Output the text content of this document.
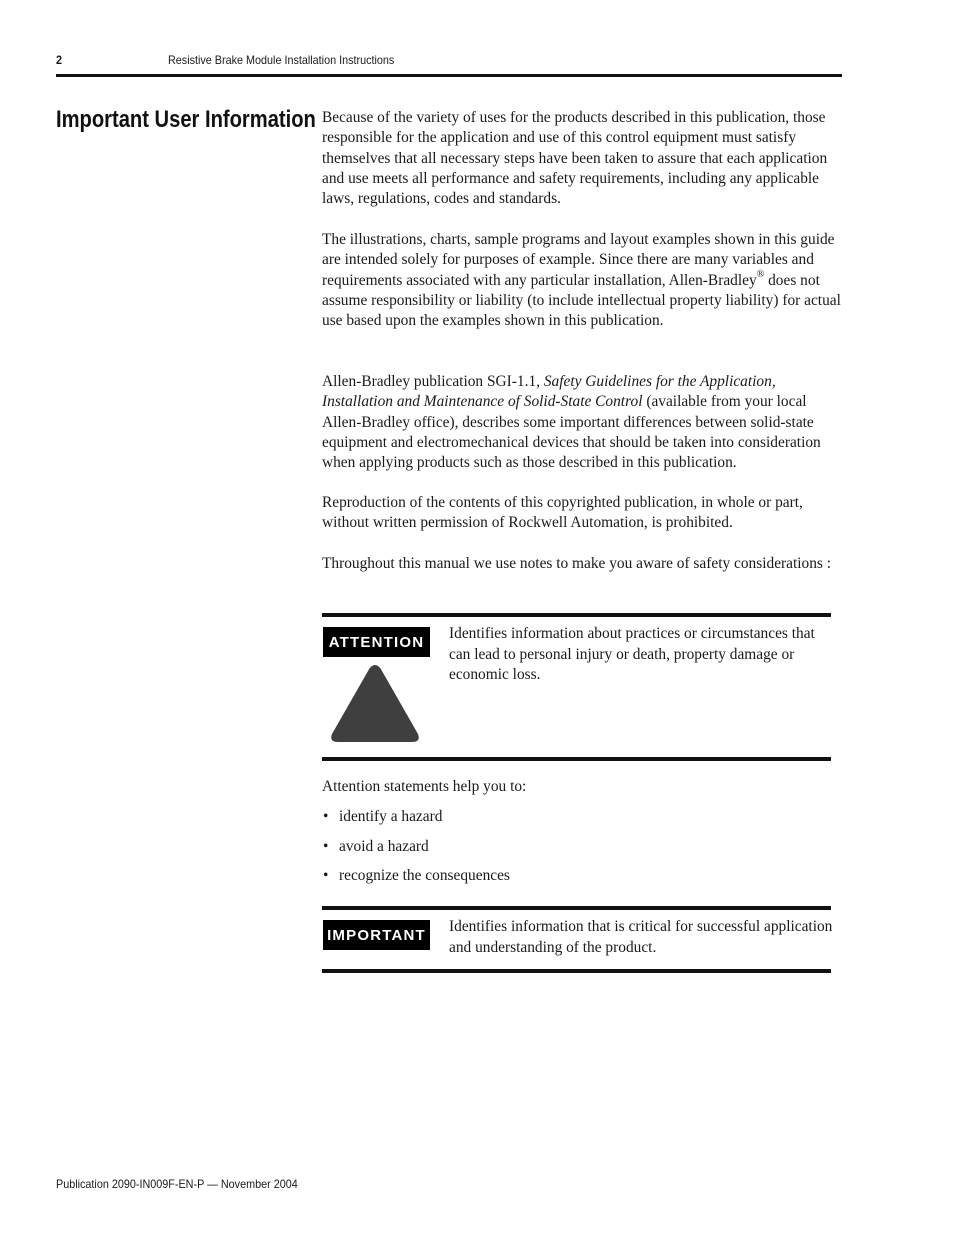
2	Resistive Brake Module Installation Instructions
Important User Information Because of the variety of uses for the products described in this publication, those responsible for the application and use of this control equipment must satisfy themselves that all necessary steps have been taken to assure that each application and use meets all performance and safety requirements, including any applicable laws, regulations, codes and standards.

The illustrations, charts, sample programs and layout examples shown in this guide are intended solely for purposes of example. Since there are many variables and requirements associated with any particular installation, Allen-Bradley® does not assume responsibility or liability (to include intellectual property liability) for actual use based upon the examples shown in this publication.

Allen-Bradley publication SGI-1.1, Safety Guidelines for the Application, Installation and Maintenance of Solid-State Control (available from your local Allen-Bradley office), describes some important differences between solid-state equipment and electromechanical devices that should be taken into consideration when applying products such as those described in this publication.

Reproduction of the contents of this copyrighted publication, in whole or part, without written permission of Rockwell Automation, is prohibited.

Throughout this manual we use notes to make you aware of safety considerations :

ATTENTION	Identifies information about practices or circumstances that can lead to personal injury or death, property damage or economic loss.
Attention statements help you to:
• identify a hazard
• avoid a hazard
• recognize the consequences
IMPORTANT Identifies information that is critical for successful application and understanding of the product.
Publication 2090-IN009F-EN-P — November 2004
